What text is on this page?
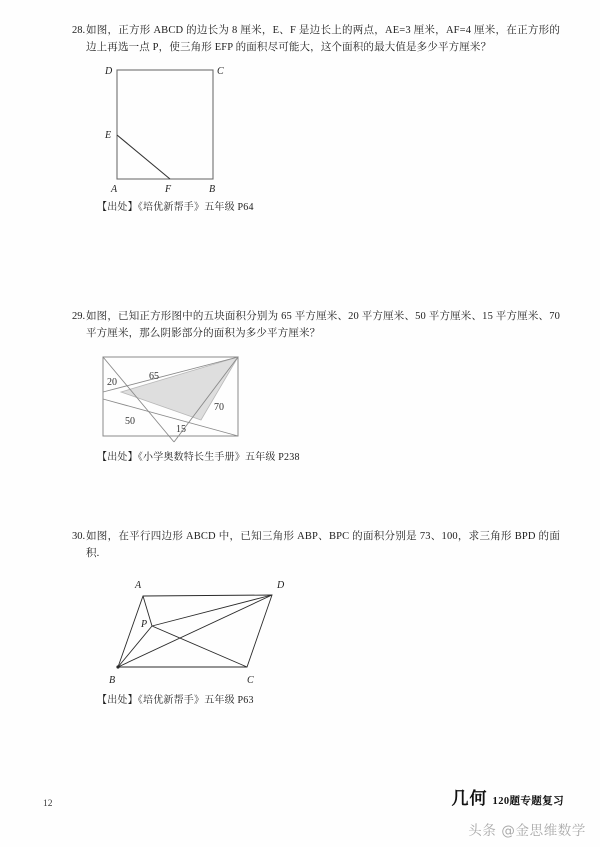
28. 如图，正方形 ABCD 的边长为 8 厘米，E、F 是边长上的两点，AE=3 厘米，AF=4 厘米，在正方形的边上再选一点 P，使三角形 EFP 的面积尽可能大，这个面积的最大值是多少平方厘米？
D	C
E
A	F	B
【出处】《培优新帮手》五年级 P64
29. 如图，已知正方形图中的五块面积分别为 65 平方厘米、20 平方厘米、50 平方厘米、15 平方厘米、70 平方厘米，那么阴影部分的面积为多少平方厘米？
20
65
50
15
70
【出处】《小学奥数特长生手册》五年级 P238
30. 如图，在平行四边形 ABCD 中，已知三角形 ABP、BPC 的面积分别是 73、100，求三角形 BPD 的面积.
A	D
P
B	C
【出处】《培优新帮手》五年级 P63
12	几何 120题专题复习
头条 @金思维数学
